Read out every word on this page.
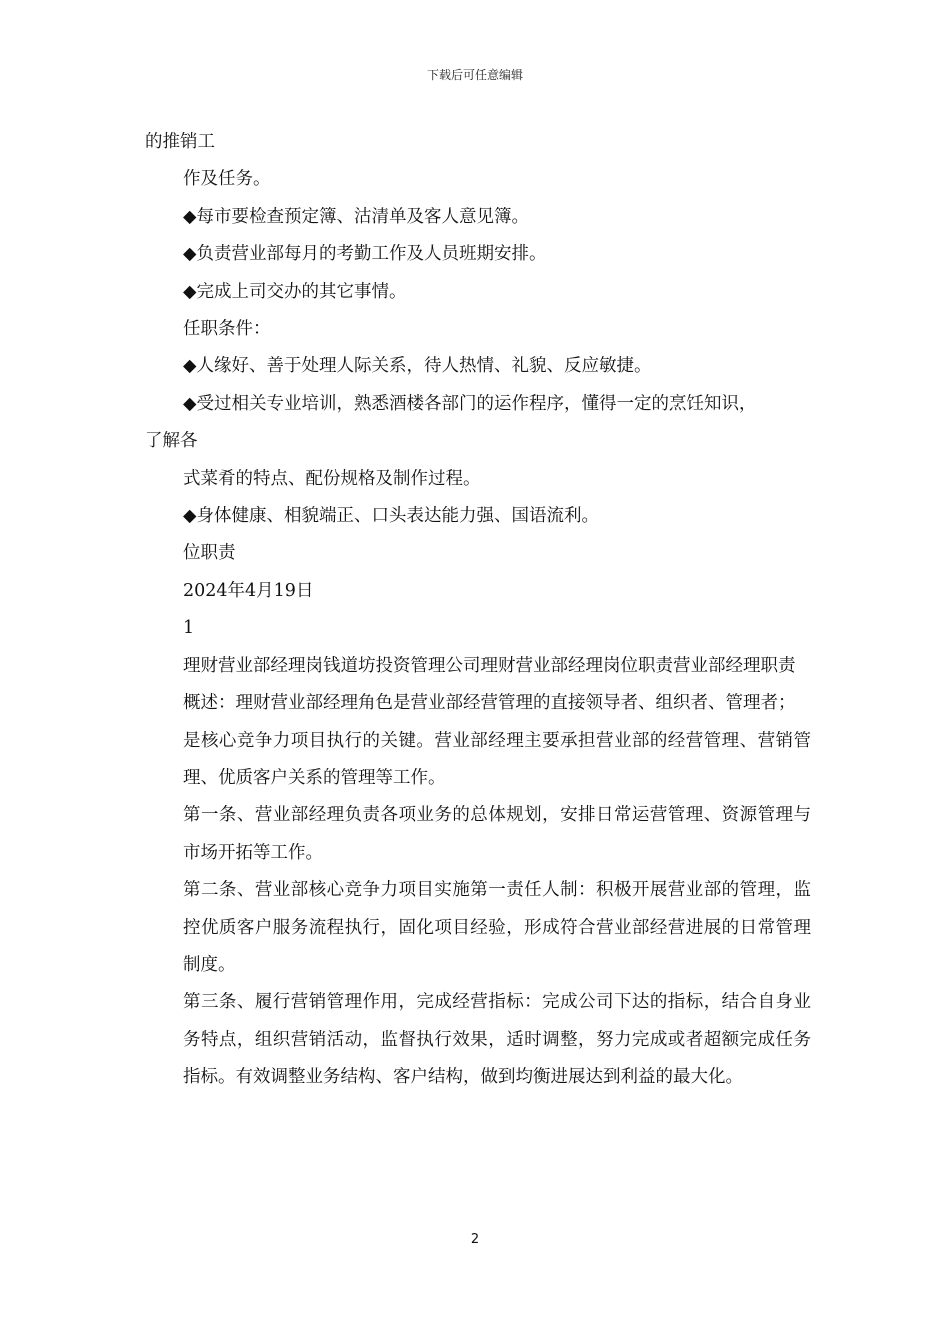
下载后可任意编辑

的推销工

作及任务。

◆每市要检查预定簿、沽清单及客人意见簿。

◆负责营业部每月的考勤工作及人员班期安排。

◆完成上司交办的其它事情。

任职条件：

◆人缘好、善于处理人际关系，待人热情、礼貌、反应敏捷。

◆受过相关专业培训，熟悉酒楼各部门的运作程序，懂得一定的烹饪知识，

了解各

式菜肴的特点、配份规格及制作过程。

◆身体健康、相貌端正、口头表达能力强、国语流利。

位职责

2024年4月19日

1

理财营业部经理岗钱道坊投资管理公司理财营业部经理岗位职责营业部经理职责

概述：理财营业部经理角色是营业部经营管理的直接领导者、组织者、管理者；

是核心竞争力项目执行的关键。营业部经理主要承担营业部的经营管理、营销管理、优质客户关系的管理等工作。

第一条、营业部经理负责各项业务的总体规划，安排日常运营管理、资源管理与市场开拓等工作。

第二条、营业部核心竞争力项目实施第一责任人制：积极开展营业部的管理，监控优质客户服务流程执行，固化项目经验，形成符合营业部经营进展的日常管理制度。

第三条、履行营销管理作用，完成经营指标：完成公司下达的指标，结合自身业务特点，组织营销活动，监督执行效果，适时调整，努力完成或者超额完成任务指标。有效调整业务结构、客户结构，做到均衡进展达到利益的最大化。

2
